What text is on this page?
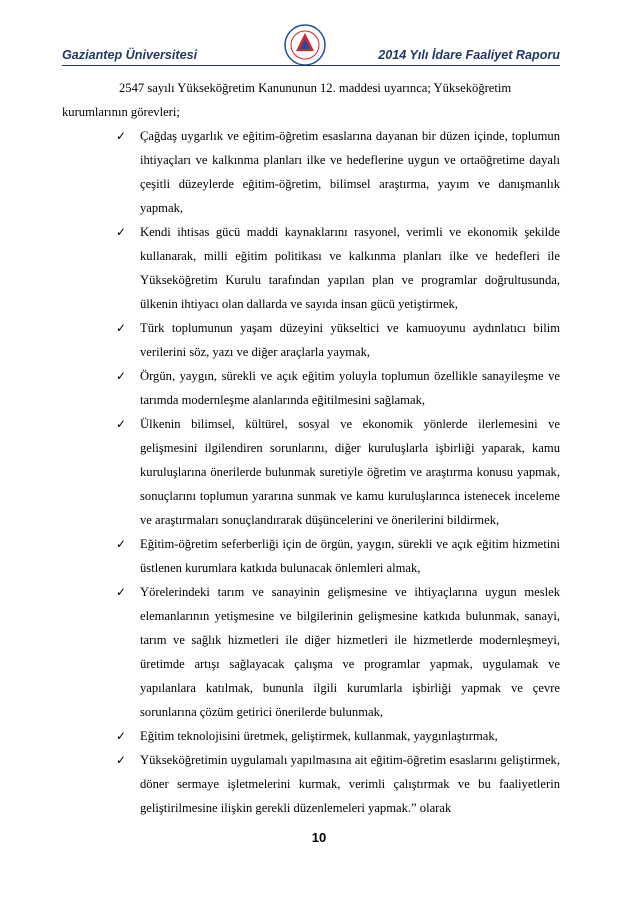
Gaziantep Üniversitesi	2014 Yılı İdare Faaliyet Raporu

2547 sayılı Yükseköğretim Kanununun 12. maddesi uyarınca; Yükseköğretim

kurumlarının görevleri;

✓	Çağdaş uygarlık ve eğitim-öğretim esaslarına dayanan bir düzen içinde, toplumun ihtiyaçları ve kalkınma planları ilke ve hedeflerine uygun ve ortaöğretime dayalı çeşitli düzeylerde eğitim-öğretim, bilimsel araştırma, yayım ve danışmanlık yapmak,
✓	Kendi ihtisas gücü maddi kaynaklarını rasyonel, verimli ve ekonomik şekilde kullanarak, milli eğitim politikası ve kalkınma planları ilke ve hedefleri ile Yükseköğretim Kurulu tarafından yapılan plan ve programlar doğrultusunda, ülkenin ihtiyacı olan dallarda ve sayıda insan gücü yetiştirmek,
✓	Türk toplumunun yaşam düzeyini yükseltici ve kamuoyunu aydınlatıcı bilim verilerini söz, yazı ve diğer araçlarla yaymak,
✓	Örgün, yaygın, sürekli ve açık eğitim yoluyla toplumun özellikle sanayileşme ve tarımda modernleşme alanlarında eğitilmesini sağlamak,
✓	Ülkenin bilimsel, kültürel, sosyal ve ekonomik yönlerde ilerlemesini ve gelişmesini ilgilendiren sorunlarını, diğer kuruluşlarla işbirliği yaparak, kamu kuruluşlarına önerilerde bulunmak suretiyle öğretim ve araştırma konusu yapmak, sonuçlarını toplumun yararına sunmak ve kamu kuruluşlarınca istenecek inceleme ve araştırmaları sonuçlandırarak düşüncelerini ve önerilerini bildirmek,
✓	Eğitim-öğretim seferberliği için de örgün, yaygın, sürekli ve açık eğitim hizmetini üstlenen kurumlara katkıda bulunacak önlemleri almak,
✓	Yörelerindeki tarım ve sanayinin gelişmesine ve ihtiyaçlarına uygun meslek elemanlarının yetişmesine ve bilgilerinin gelişmesine katkıda bulunmak, sanayi, tarım ve sağlık hizmetleri ile diğer hizmetleri ile hizmetlerde modernleşmeyi, üretimde artışı sağlayacak çalışma ve programlar yapmak, uygulamak ve yapılanlara katılmak, bununla ilgili kurumlarla işbirliği yapmak ve çevre sorunlarına çözüm getirici önerilerde bulunmak,
✓	Eğitim teknolojisini üretmek, geliştirmek, kullanmak, yaygınlaştırmak,
✓	Yükseköğretimin uygulamalı yapılmasına ait eğitim-öğretim esaslarını geliştirmek, döner sermaye işletmelerini kurmak, verimli çalıştırmak ve bu faaliyetlerin geliştirilmesine ilişkin gerekli düzenlemeleri yapmak.” olarak
10
